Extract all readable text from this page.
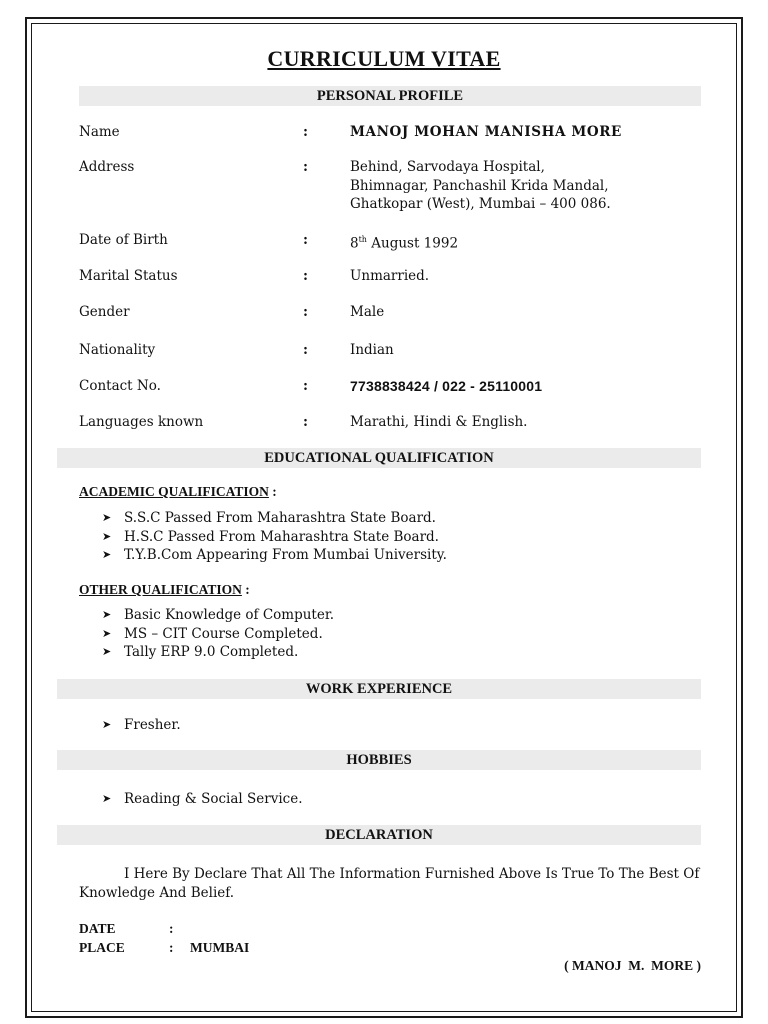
CURRICULUM VITAE
PERSONAL PROFILE
Name	:	MANOJ MOHAN MANISHA MORE
Address	:	Behind, Sarvodaya Hospital,
Bhimnagar, Panchashil Krida Mandal,
Ghatkopar (West), Mumbai – 400 086.
Date of Birth	:	8th August 1992
Marital Status	:	Unmarried.
Gender	:	Male
Nationality	:	Indian
Contact No.	:	7738838424 / 022 - 25110001
Languages known	:	Marathi, Hindi & English.
EDUCATIONAL QUALIFICATION
ACADEMIC QUALIFICATION :
➤ S.S.C Passed From Maharashtra State Board.
➤ H.S.C Passed From Maharashtra State Board.
➤ T.Y.B.Com Appearing From Mumbai University.
OTHER QUALIFICATION :
➤ Basic Knowledge of Computer.
➤ MS – CIT Course Completed.
➤ Tally ERP 9.0 Completed.
WORK EXPERIENCE
➤ Fresher.
HOBBIES
➤ Reading & Social Service.
DECLARATION
I Here By Declare That All The Information Furnished Above Is True To The Best Of Knowledge And Belief.
DATE	:
PLACE	: MUMBAI
( MANOJ  M.  MORE )
